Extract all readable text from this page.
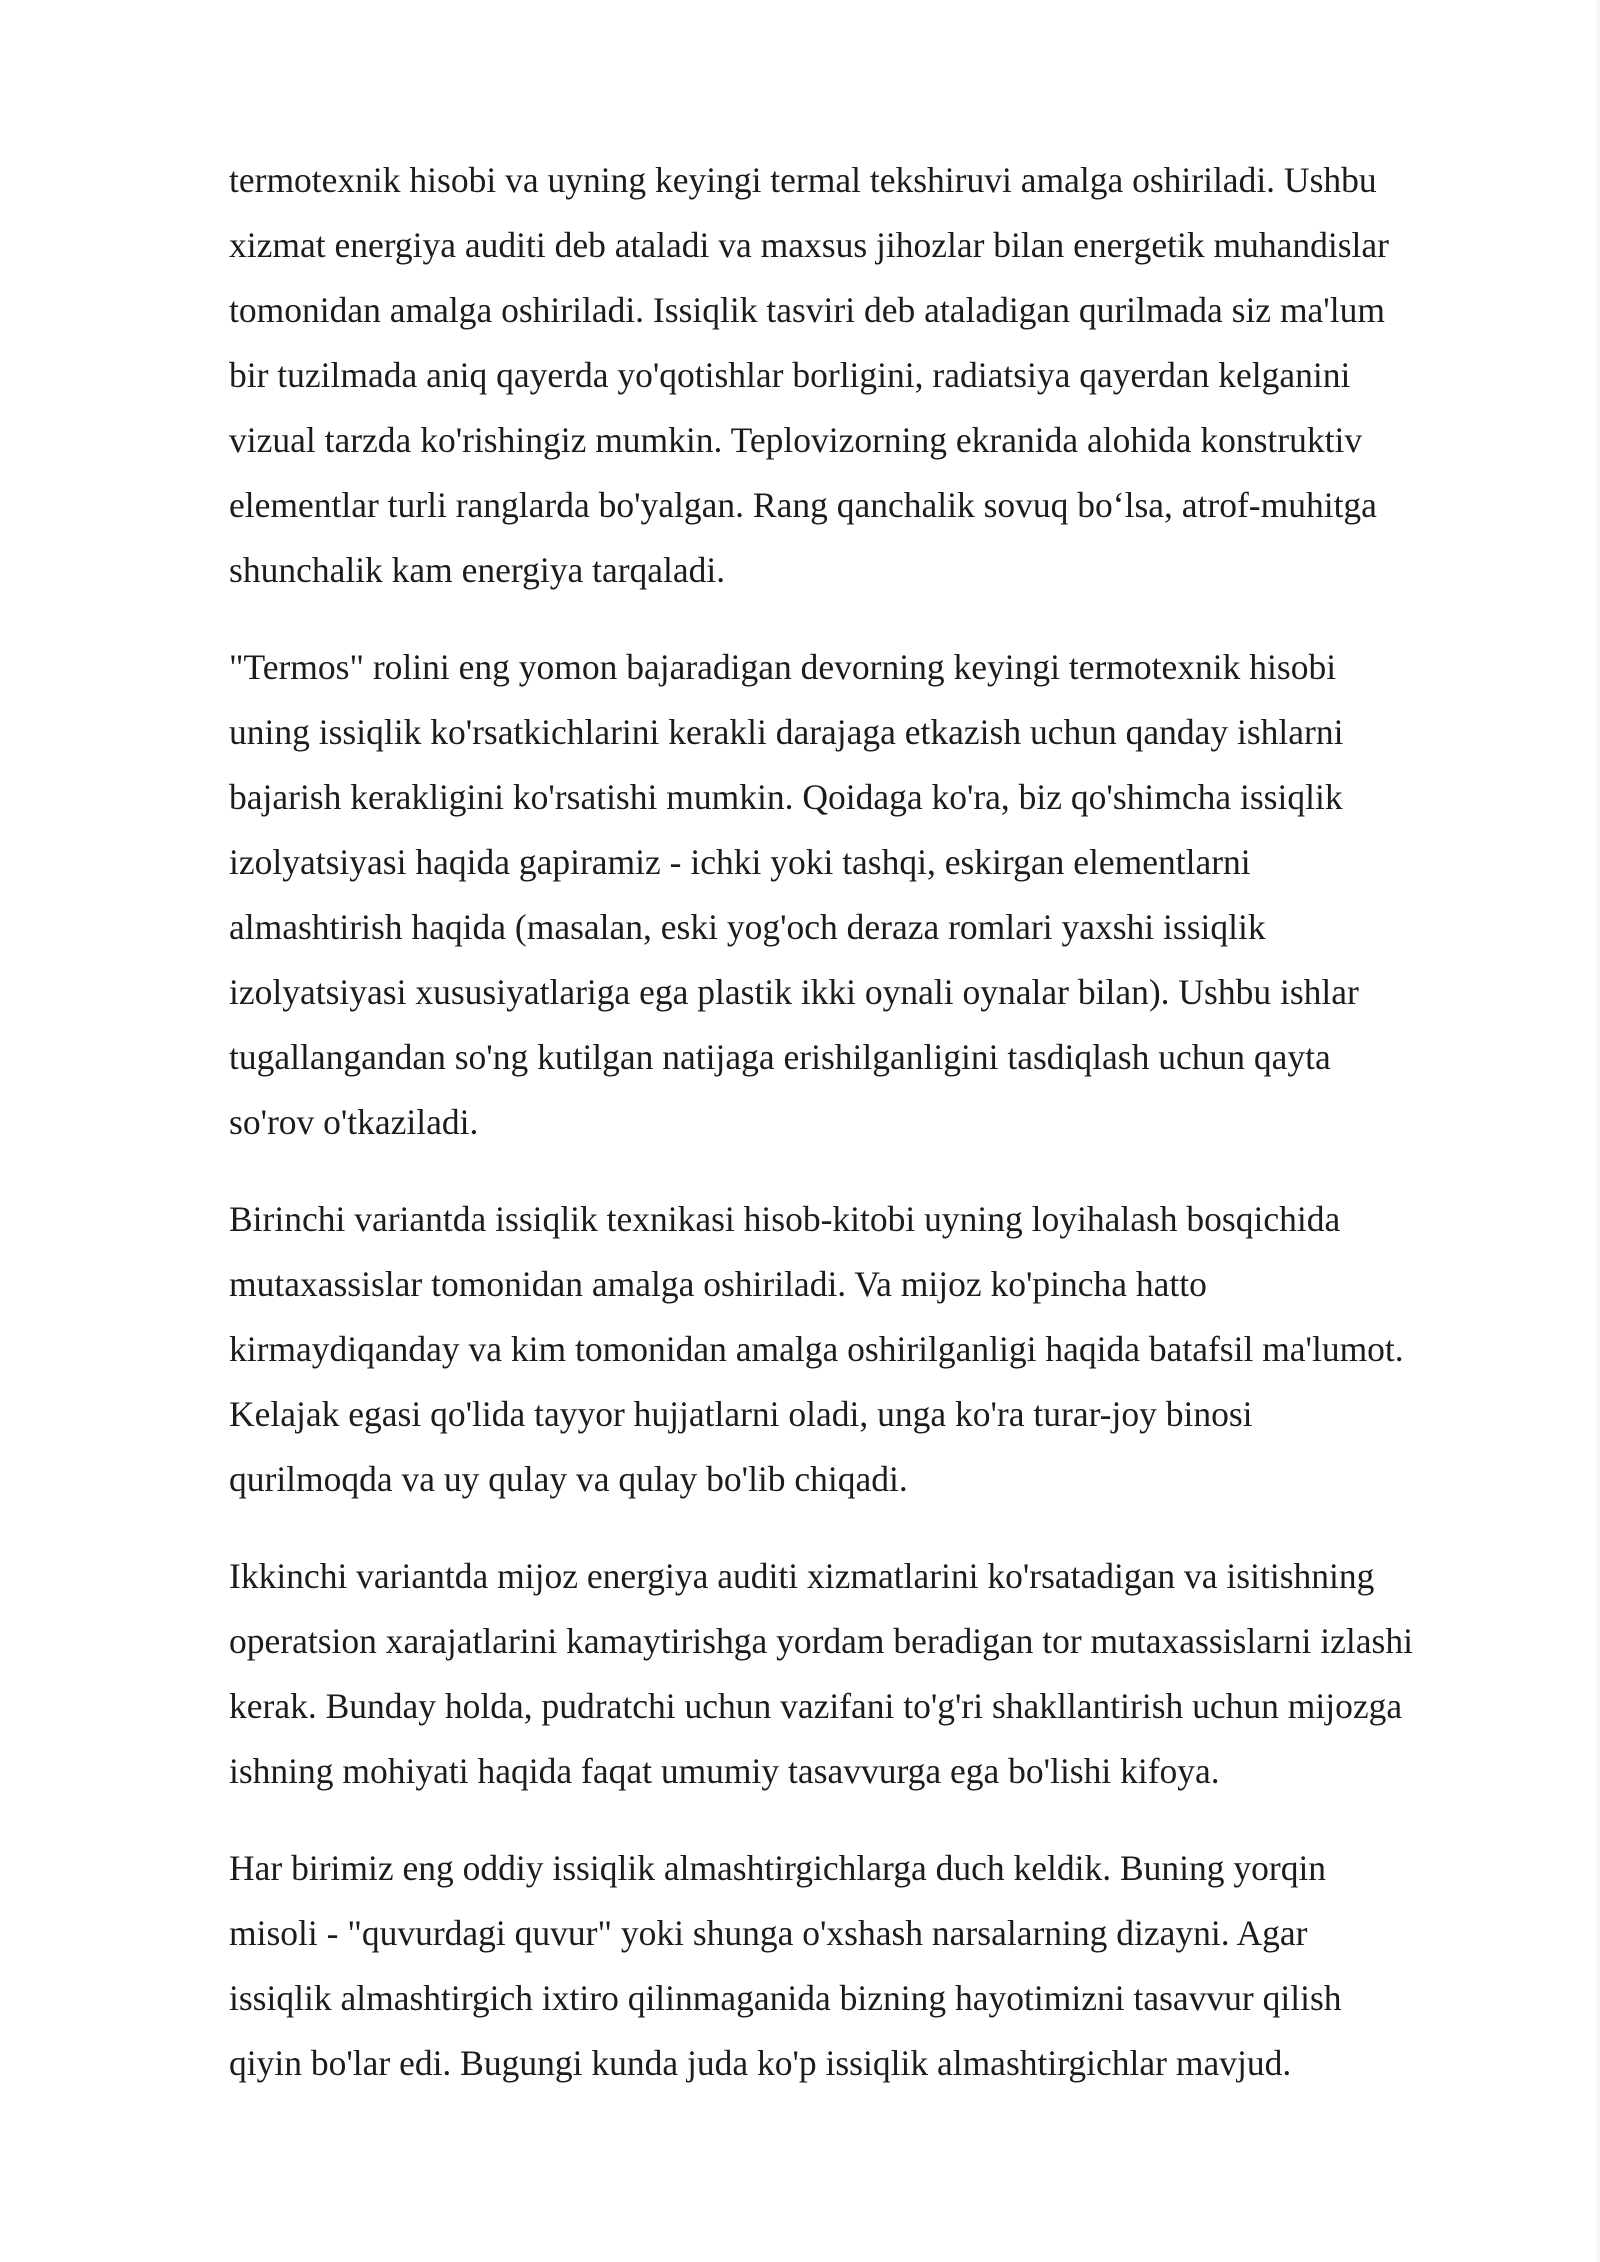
termotexnik hisobi va uyning keyingi termal tekshiruvi amalga oshiriladi. Ushbu
xizmat energiya auditi deb ataladi va maxsus jihozlar bilan energetik muhandislar
tomonidan amalga oshiriladi. Issiqlik tasviri deb ataladigan qurilmada siz ma'lum
bir tuzilmada aniq qayerda yo'qotishlar borligini, radiatsiya qayerdan kelganini
vizual tarzda ko'rishingiz mumkin. Teplovizorning ekranida alohida konstruktiv
elementlar turli ranglarda bo'yalgan. Rang qanchalik sovuq bo‘lsa, atrof-muhitga
shunchalik kam energiya tarqaladi.

"Termos" rolini eng yomon bajaradigan devorning keyingi termotexnik hisobi
uning issiqlik ko'rsatkichlarini kerakli darajaga etkazish uchun qanday ishlarni
bajarish kerakligini ko'rsatishi mumkin. Qoidaga ko'ra, biz qo'shimcha issiqlik
izolyatsiyasi haqida gapiramiz - ichki yoki tashqi, eskirgan elementlarni
almashtirish haqida (masalan, eski yog'och deraza romlari yaxshi issiqlik
izolyatsiyasi xususiyatlariga ega plastik ikki oynali oynalar bilan). Ushbu ishlar
tugallangandan so'ng kutilgan natijaga erishilganligini tasdiqlash uchun qayta
so'rov o'tkaziladi.

Birinchi variantda issiqlik texnikasi hisob-kitobi uyning loyihalash bosqichida
mutaxassislar tomonidan amalga oshiriladi. Va mijoz ko'pincha hatto
kirmaydiqanday va kim tomonidan amalga oshirilganligi haqida batafsil ma'lumot.
Kelajak egasi qo'lida tayyor hujjatlarni oladi, unga ko'ra turar-joy binosi
qurilmoqda va uy qulay va qulay bo'lib chiqadi.

Ikkinchi variantda mijoz energiya auditi xizmatlarini ko'rsatadigan va isitishning
operatsion xarajatlarini kamaytirishga yordam beradigan tor mutaxassislarni izlashi
kerak. Bunday holda, pudratchi uchun vazifani to'g'ri shakllantirish uchun mijozga
ishning mohiyati haqida faqat umumiy tasavvurga ega bo'lishi kifoya.

Har birimiz eng oddiy issiqlik almashtirgichlarga duch keldik. Buning yorqin
misoli - "quvurdagi quvur" yoki shunga o'xshash narsalarning dizayni. Agar
issiqlik almashtirgich ixtiro qilinmaganida bizning hayotimizni tasavvur qilish
qiyin bo'lar edi. Bugungi kunda juda ko'p issiqlik almashtirgichlar mavjud.
